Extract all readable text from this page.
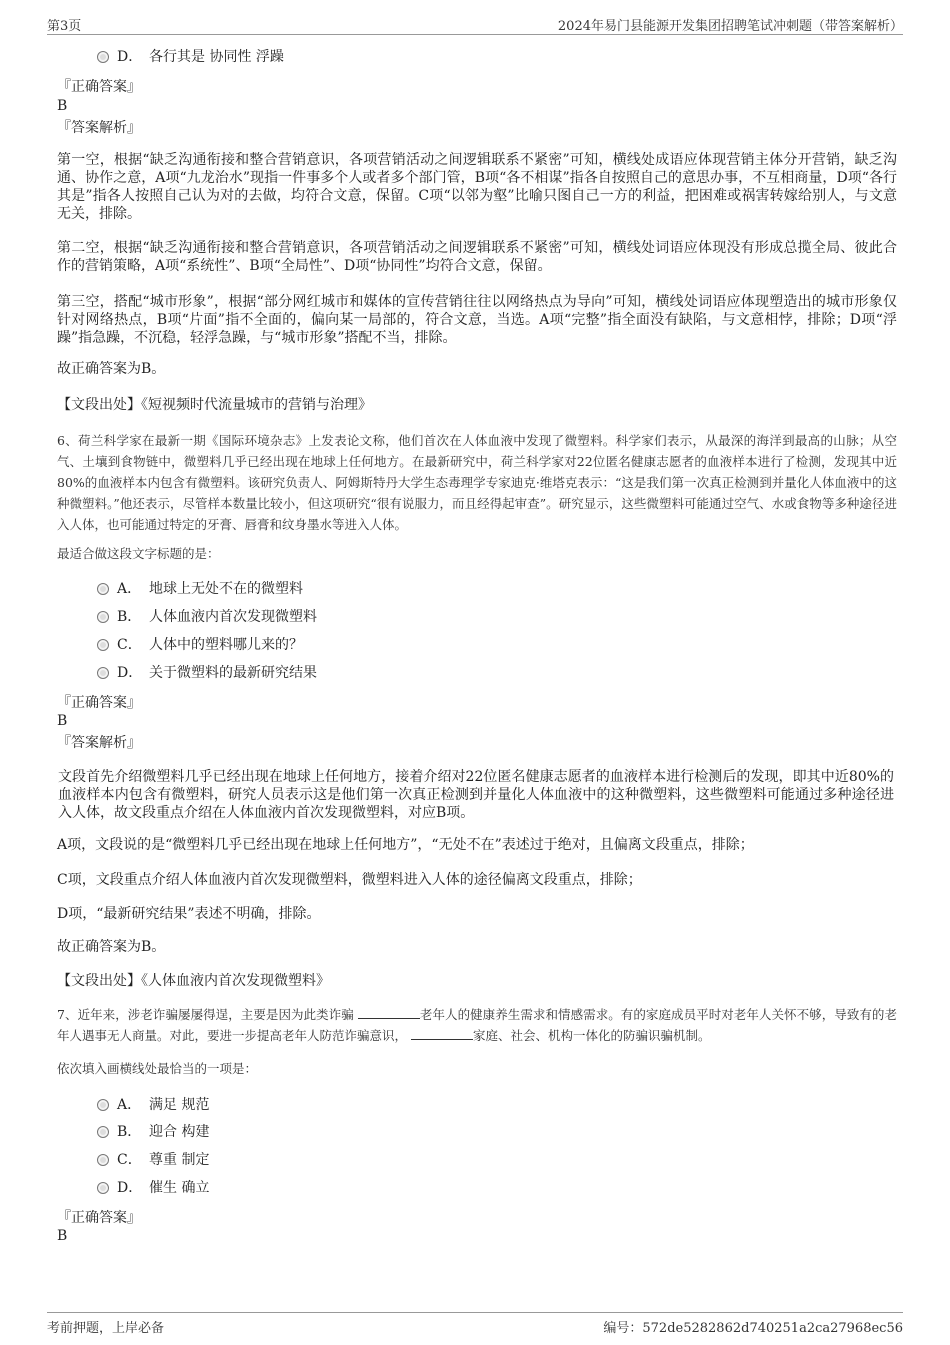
第3页	2024年易门县能源开发集团招聘笔试冲刺题（带答案解析）
D． 各行其是 协同性 浮躁
『正确答案』
B
『答案解析』

第一空，根据“缺乏沟通衔接和整合营销意识，各项营销活动之间逻辑联系不紧密”可知，横线处成语应体现营销主体分开营销，缺乏沟通、协作之意，A项“九龙治水”现指一件事多个人或者多个部门管，B项“各不相谋”指各自按照自己的意思办事，不互相商量，D项“各行其是”指各人按照自己认为对的去做，均符合文意，保留。C项“以邻为壑”比喻只图自己一方的利益，把困难或祸害转嫁给别人，与文意无关，排除。

第二空，根据“缺乏沟通衔接和整合营销意识，各项营销活动之间逻辑联系不紧密”可知，横线处词语应体现没有形成总揽全局、彼此合作的营销策略，A项“系统性”、B项“全局性”、D项“协同性”均符合文意，保留。

第三空，搭配“城市形象”，根据“部分网红城市和媒体的宣传营销往往以网络热点为导向”可知，横线处词语应体现塑造出的城市形象仅针对网络热点，B项“片面”指不全面的，偏向某一局部的，符合文意，当选。A项“完整”指全面没有缺陷，与文意相悖，排除；D项“浮躁”指急躁，不沉稳，轻浮急躁，与“城市形象”搭配不当，排除。

故正确答案为B。

【文段出处】《短视频时代流量城市的营销与治理》

6、荷兰科学家在最新一期《国际环境杂志》上发表论文称，他们首次在人体血液中发现了微塑料。科学家们表示，从最深的海洋到最高的山脉；从空气、土壤到食物链中，微塑料几乎已经出现在地球上任何地方。在最新研究中，荷兰科学家对22位匿名健康志愿者的血液样本进行了检测，发现其中近80%的血液样本内包含有微塑料。该研究负责人、阿姆斯特丹大学生态毒理学专家迪克·维塔克表示：“这是我们第一次真正检测到并量化人体血液中的这种微塑料。”他还表示，尽管样本数量比较小，但这项研究“很有说服力，而且经得起审查”。研究显示，这些微塑料可能通过空气、水或食物等多种途径进入人体，也可能通过特定的牙膏、唇膏和纹身墨水等进入人体。

最适合做这段文字标题的是：
A． 地球上无处不在的微塑料
B． 人体血液内首次发现微塑料
C． 人体中的塑料哪儿来的？
D． 关于微塑料的最新研究结果
『正确答案』
B
『答案解析』

文段首先介绍微塑料几乎已经出现在地球上任何地方，接着介绍对22位匿名健康志愿者的血液样本进行检测后的发现，即其中近80%的血液样本内包含有微塑料，研究人员表示这是他们第一次真正检测到并量化人体血液中的这种微塑料，这些微塑料可能通过多种途径进入人体，故文段重点介绍在人体血液内首次发现微塑料，对应B项。

A项，文段说的是“微塑料几乎已经出现在地球上任何地方”，“无处不在”表述过于绝对，且偏离文段重点，排除；

C项，文段重点介绍人体血液内首次发现微塑料，微塑料进入人体的途径偏离文段重点，排除；

D项，“最新研究结果”表述不明确，排除。

故正确答案为B。

【文段出处】《人体血液内首次发现微塑料》

7、近年来，涉老诈骗屡屡得逞，主要是因为此类诈骗	老年人的健康养生需求和情感需求。有的家庭成员平时对老年人关怀不够，导致有的老年人遇事无人商量。对此，要进一步提高老年人防范诈骗意识，	家庭、社会、机构一体化的防骗识骗机制。

依次填入画横线处最恰当的一项是：
A． 满足 规范
B． 迎合 构建
C． 尊重 制定
D． 催生 确立
『正确答案』
B
考前押题，上岸必备	编号：572de5282862d740251a2ca27968ec56
